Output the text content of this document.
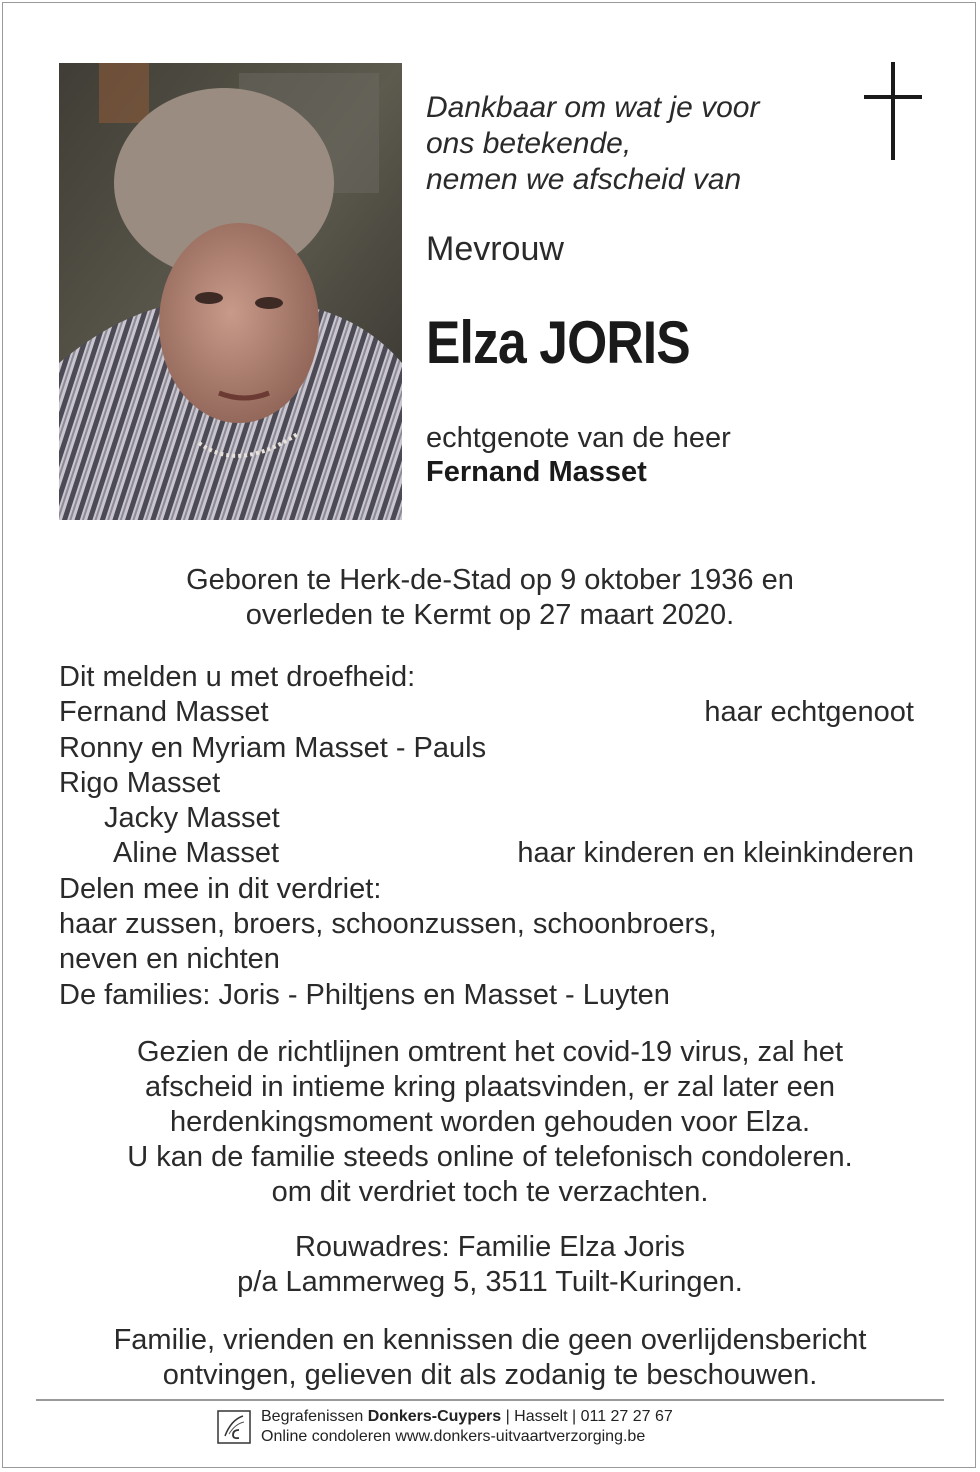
Dankbaar om wat je voor
ons betekende,
nemen we afscheid van
Mevrouw
Elza JORIS
echtgenote van de heer
Fernand Masset
Geboren te Herk-de-Stad op 9 oktober 1936 en
overleden te Kermt op 27 maart 2020.
Dit melden u met droefheid:
Fernand Masset	haar echtgenoot
Ronny en Myriam Masset - Pauls
Rigo Masset
Jacky Masset
Aline Masset	haar kinderen en kleinkinderen
Delen mee in dit verdriet:
haar zussen, broers, schoonzussen, schoonbroers,
neven en nichten
De families: Joris - Philtjens en Masset - Luyten
Gezien de richtlijnen omtrent het covid-19 virus, zal het
afscheid in intieme kring plaatsvinden, er zal later een
herdenkingsmoment worden gehouden voor Elza.
U kan de familie steeds online of telefonisch condoleren.
om dit verdriet toch te verzachten.
Rouwadres: Familie Elza Joris
p/a Lammerweg 5, 3511 Tuilt-Kuringen.
Familie, vrienden en kennissen die geen overlijdensbericht
ontvingen, gelieven dit als zodanig te beschouwen.
Begrafenissen Donkers-Cuypers | Hasselt | 011 27 27 67
Online condoleren www.donkers-uitvaartverzorging.be
